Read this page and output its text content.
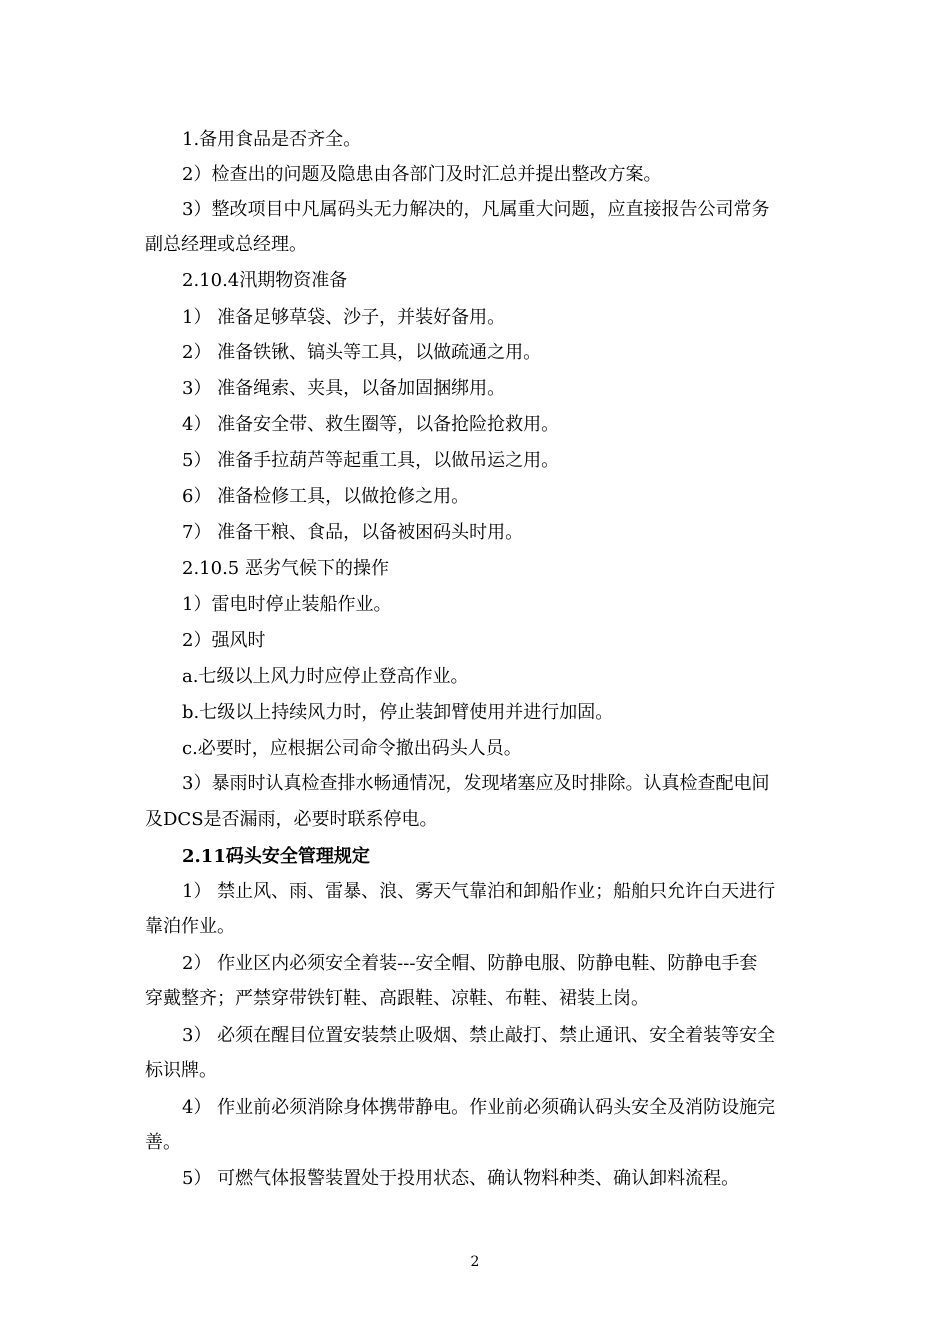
1.备用食品是否齐全。

2）检查出的问题及隐患由各部门及时汇总并提出整改方案。

3）整改项目中凡属码头无力解决的，凡属重大问题，应直接报告公司常务

副总经理或总经理。

2.10.4汛期物资准备

1） 准备足够草袋、沙子，并装好备用。

2） 准备铁锹、镐头等工具，以做疏通之用。

3） 准备绳索、夹具，以备加固捆绑用。

4） 准备安全带、救生圈等，以备抢险抢救用。

5） 准备手拉葫芦等起重工具，以做吊运之用。

6） 准备检修工具，以做抢修之用。

7） 准备干粮、食品，以备被困码头时用。

2.10.5 恶劣气候下的操作

1）雷电时停止装船作业。

2）强风时

a.七级以上风力时应停止登高作业。

b.七级以上持续风力时，停止装卸臂使用并进行加固。

c.必要时，应根据公司命令撤出码头人员。

3）暴雨时认真检查排水畅通情况，发现堵塞应及时排除。认真检查配电间

及DCS是否漏雨，必要时联系停电。

2.11码头安全管理规定

1） 禁止风、雨、雷暴、浪、雾天气靠泊和卸船作业；船舶只允许白天进行

靠泊作业。

2） 作业区内必须安全着装---安全帽、防静电服、防静电鞋、防静电手套

穿戴整齐；严禁穿带铁钉鞋、高跟鞋、凉鞋、布鞋、裙装上岗。

3） 必须在醒目位置安装禁止吸烟、禁止敲打、禁止通讯、安全着装等安全

标识牌。

4） 作业前必须消除身体携带静电。作业前必须确认码头安全及消防设施完

善。

5） 可燃气体报警装置处于投用状态、确认物料种类、确认卸料流程。

2
